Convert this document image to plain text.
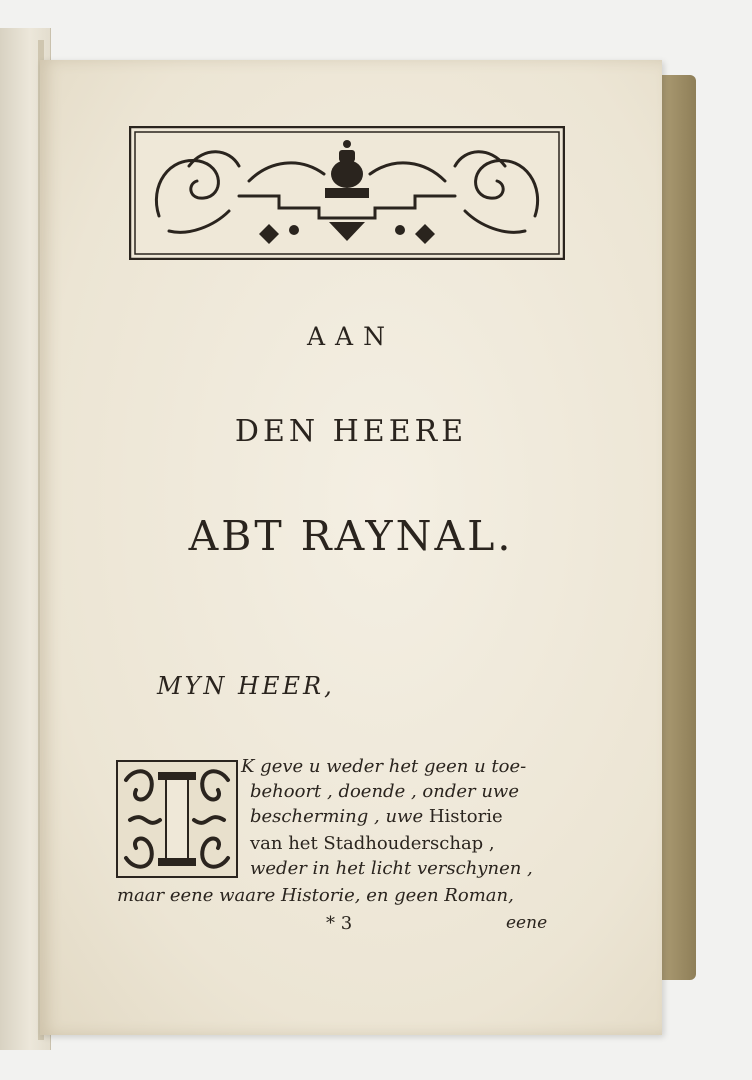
AAN
DEN HEERE
ABT RAYNAL.

MYN HEER,

K geve u weder het geen u toe-

behoort , doende , onder uwe

bescherming , uwe Historie

van het Stadhouderschap ,

weder in het licht verschynen ,

maar eene waare Historie, en geen Roman,

* 3	eene
